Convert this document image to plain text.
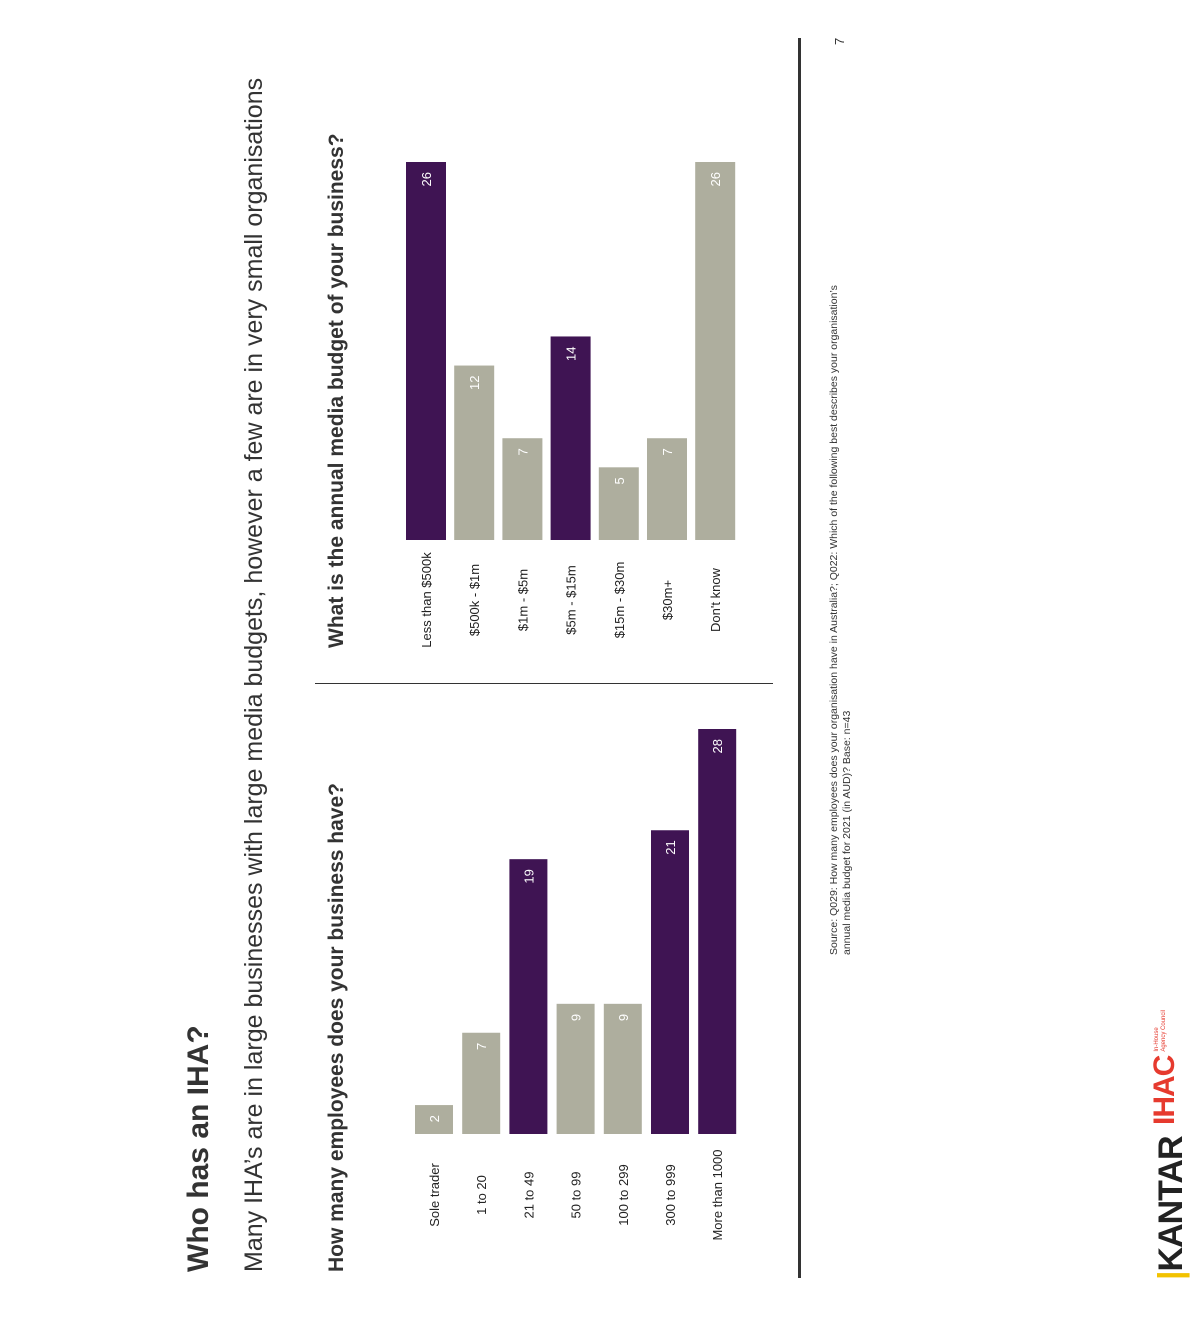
Who has an IHA? Many IHA’s are in large businesses with large media budgets, however a few are in very small organisations	How many employees does your business have?
What is the annual media budget of your business?
2
Sole trader
7
1 to 20
19
21 to 49
9
50 to 99
9
100 to 299
21
300 to 999
28
More than 1000
26
Less than $500k
12
$500k - $1m
7
$1m - $5m
14
$5m - $15m
5
$15m - $30m
7
$30m+
26
Don't know	Source: Q029: How many employees does your organisation have in Australia?; Q022: Which of the following best describes your organisation’s annual media budget for 2021 (in AUD)? Base: n=43
7
|KANTAR
IHACIn-House
Agency Council
